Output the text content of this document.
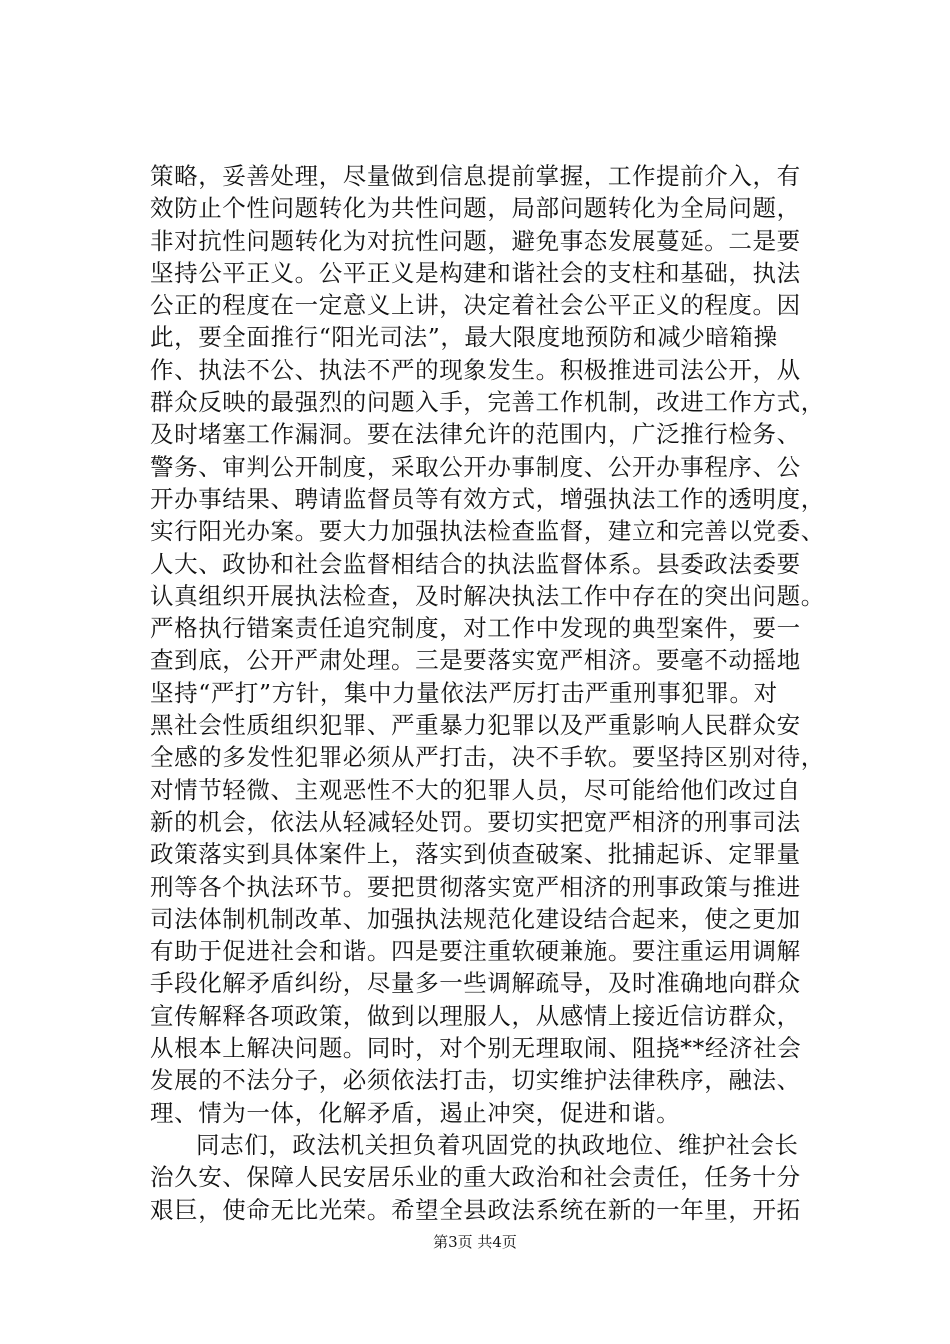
策略，妥善处理，尽量做到信息提前掌握，工作提前介入，有
效防止个性问题转化为共性问题，局部问题转化为全局问题，
非对抗性问题转化为对抗性问题，避免事态发展蔓延。二是要
坚持公平正义。公平正义是构建和谐社会的支柱和基础，执法
公正的程度在一定意义上讲，决定着社会公平正义的程度。因
此，要全面推行“阳光司法”，最大限度地预防和减少暗箱操
作、执法不公、执法不严的现象发生。积极推进司法公开，从
群众反映的最强烈的问题入手，完善工作机制，改进工作方式，
及时堵塞工作漏洞。要在法律允许的范围内，广泛推行检务、
警务、审判公开制度，采取公开办事制度、公开办事程序、公
开办事结果、聘请监督员等有效方式，增强执法工作的透明度，
实行阳光办案。要大力加强执法检查监督，建立和完善以党委、
人大、政协和社会监督相结合的执法监督体系。县委政法委要
认真组织开展执法检查，及时解决执法工作中存在的突出问题。
严格执行错案责任追究制度，对工作中发现的典型案件，要一
查到底，公开严肃处理。三是要落实宽严相济。要毫不动摇地
坚持“严打”方针，集中力量依法严厉打击严重刑事犯罪。对
黑社会性质组织犯罪、严重暴力犯罪以及严重影响人民群众安
全感的多发性犯罪必须从严打击，决不手软。要坚持区别对待，
对情节轻微、主观恶性不大的犯罪人员，尽可能给他们改过自
新的机会，依法从轻减轻处罚。要切实把宽严相济的刑事司法
政策落实到具体案件上，落实到侦查破案、批捕起诉、定罪量
刑等各个执法环节。要把贯彻落实宽严相济的刑事政策与推进
司法体制机制改革、加强执法规范化建设结合起来，使之更加
有助于促进社会和谐。四是要注重软硬兼施。要注重运用调解
手段化解矛盾纠纷，尽量多一些调解疏导，及时准确地向群众
宣传解释各项政策，做到以理服人，从感情上接近信访群众，
从根本上解决问题。同时，对个别无理取闹、阻挠**经济社会
发展的不法分子，必须依法打击，切实维护法律秩序，融法、
理、情为一体，化解矛盾，遏止冲突，促进和谐。
同志们，政法机关担负着巩固党的执政地位、维护社会长
治久安、保障人民安居乐业的重大政治和社会责任，任务十分
艰巨，使命无比光荣。希望全县政法系统在新的一年里，开拓
第3页 共4页
